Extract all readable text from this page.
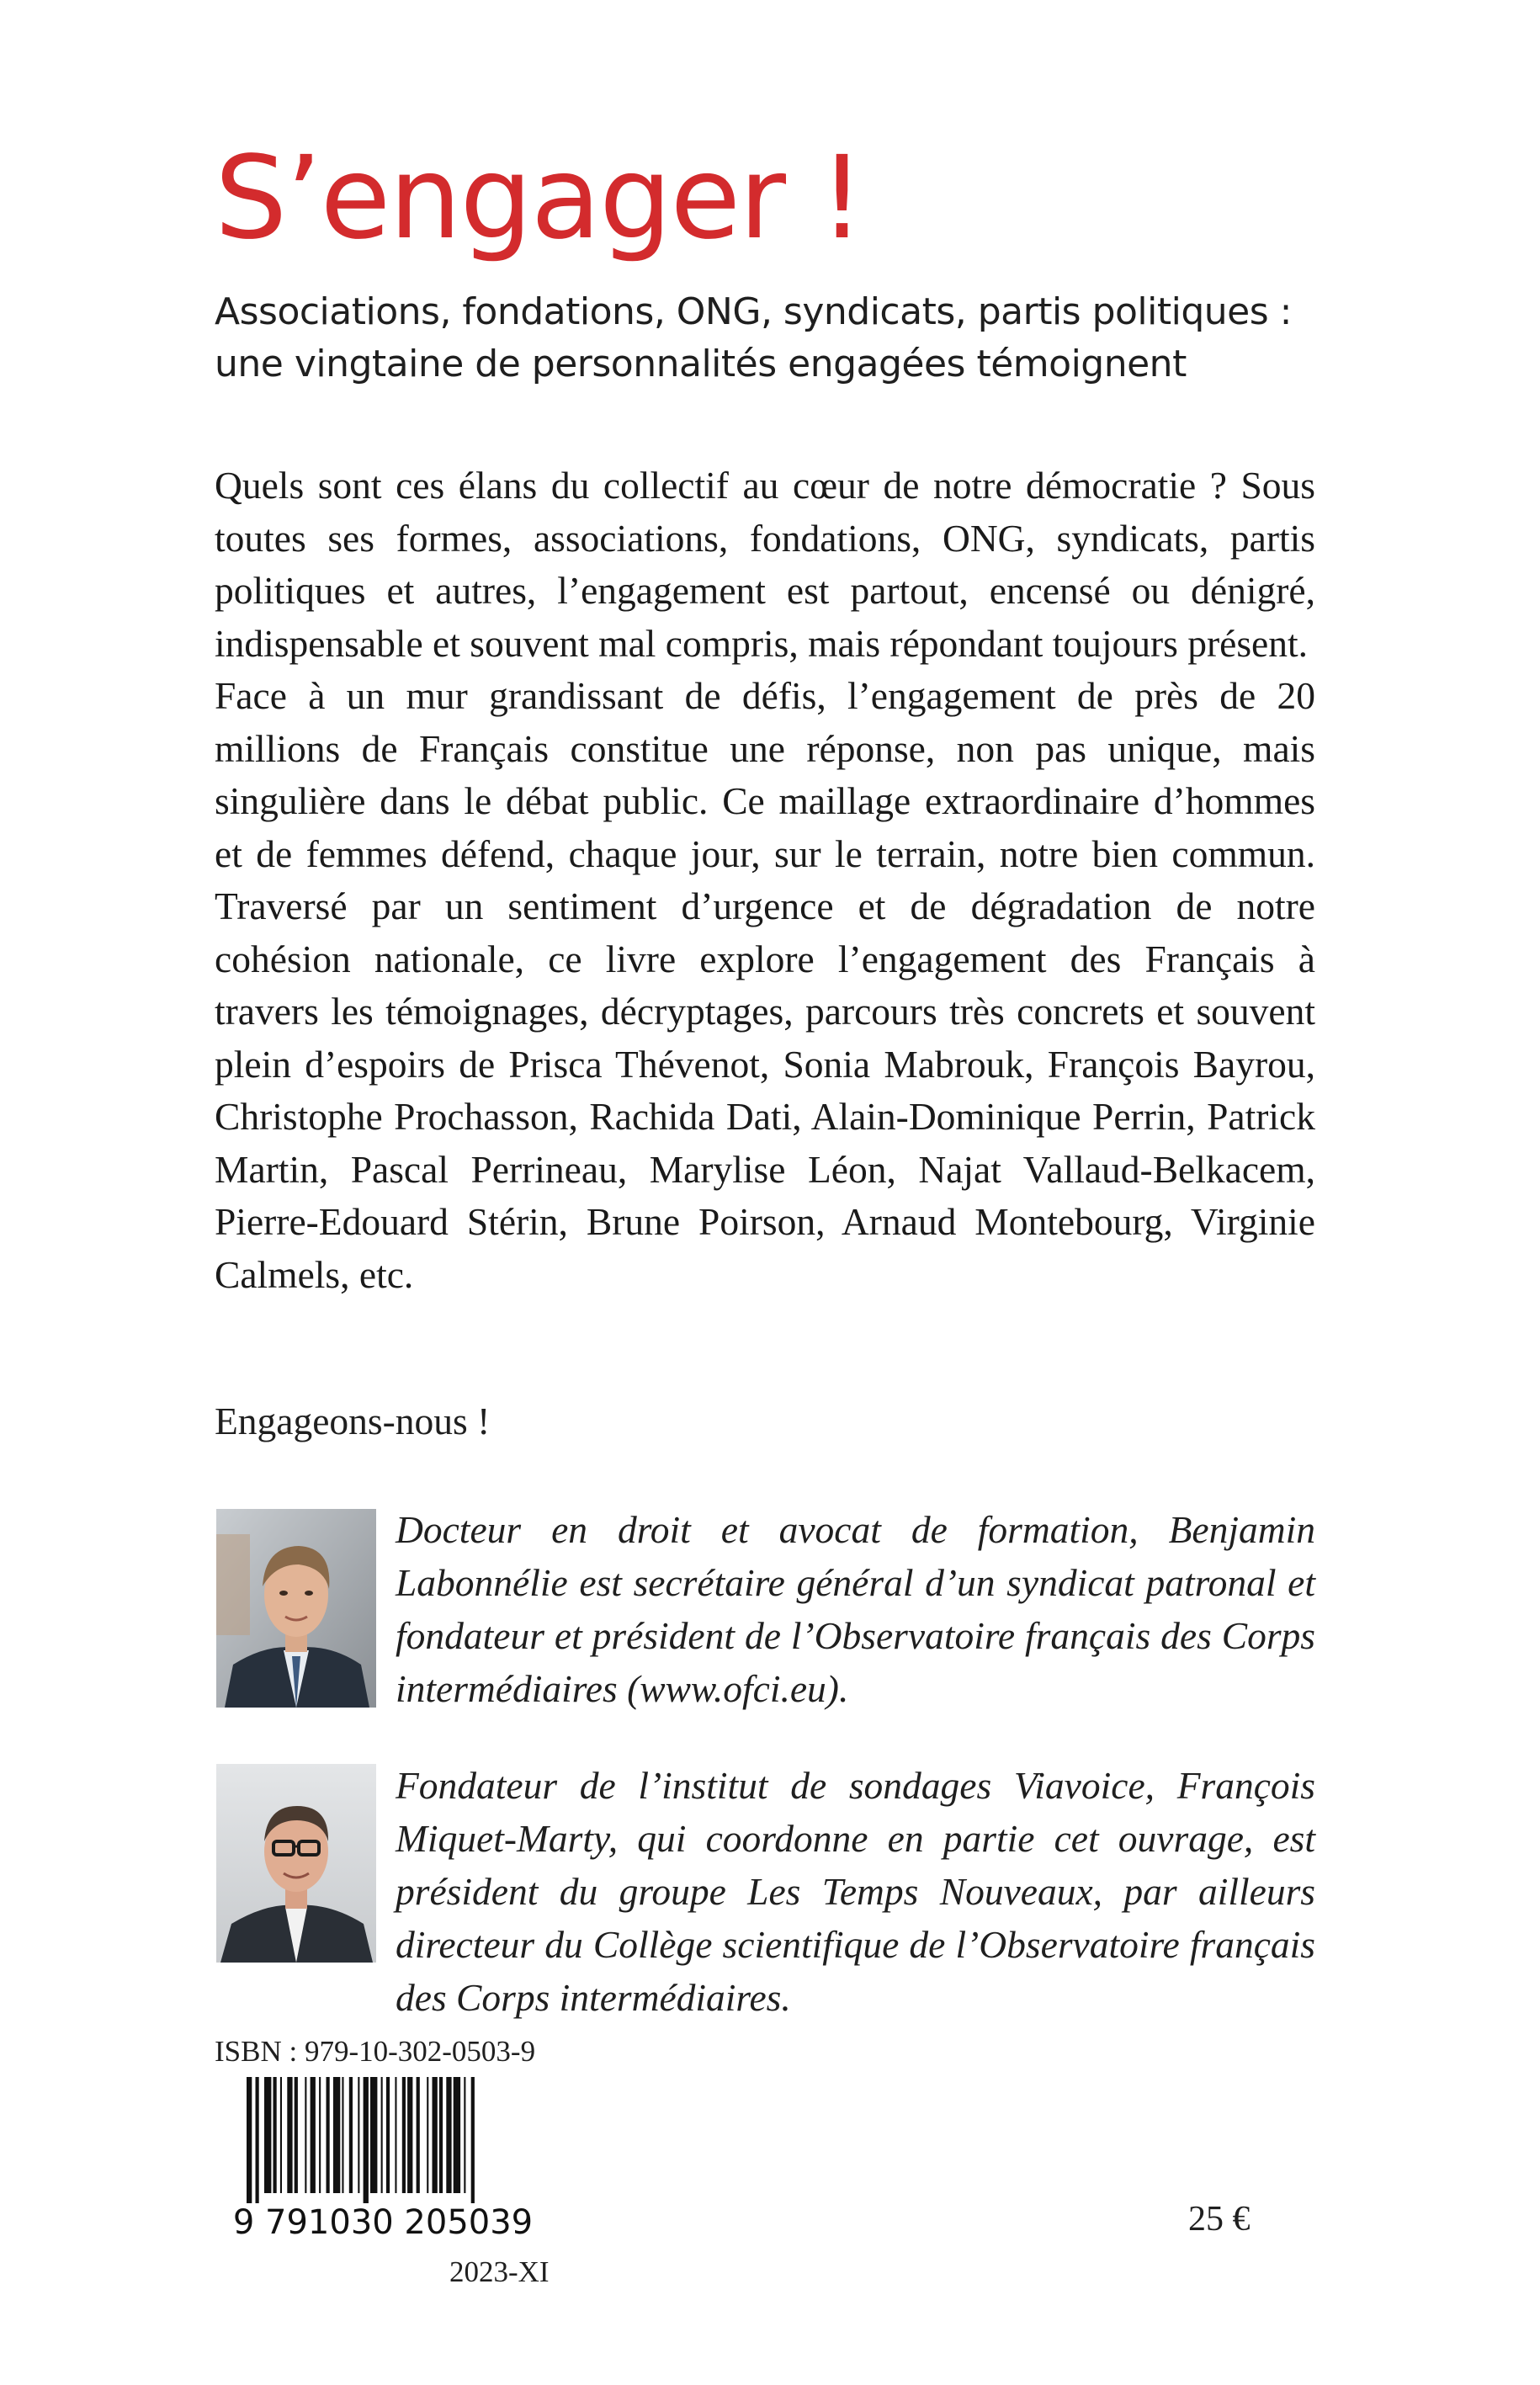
S’engager !
Associations, fondations, ONG, syndicats, partis politiques :
une vingtaine de personnalités engagées témoignent

Quels sont ces élans du collectif au cœur de notre démocratie ? Sous toutes ses formes, associations, fondations, ONG, syndicats, partis politiques et autres, l’engagement est partout, encensé ou dénigré, indispensable et souvent mal compris, mais répondant toujours présent.

Face à un mur grandissant de défis, l’engagement de près de 20 millions de Français constitue une réponse, non pas unique, mais singulière dans le débat public. Ce maillage extraordinaire d’hommes et de femmes défend, chaque jour, sur le terrain, notre bien commun. Traversé par un sentiment d’urgence et de dégradation de notre cohésion nationale, ce livre explore l’engagement des Français à travers les témoignages, décryptages, parcours très concrets et souvent plein d’espoirs de Prisca Thévenot, Sonia Mabrouk, François Bayrou, Christophe Prochasson, Rachida Dati, Alain-Dominique Perrin, Patrick Martin, Pascal Perrineau, Marylise Léon, Najat Vallaud-Belkacem, Pierre-Edouard Stérin, Brune Poirson, Arnaud Montebourg, Virginie Calmels, etc.

Engageons-nous !
Docteur en droit et avocat de formation, Benjamin Labonnélie est secrétaire général d’un syndicat patronal et fondateur et président de l’Observatoire français des Corps intermédiaires (www.ofci.eu).
Fondateur de l’institut de sondages Viavoice, François Miquet-Marty, qui coordonne en partie cet ouvrage, est président du groupe Les Temps Nouveaux, par ailleurs directeur du Collège scientifique de l’Observatoire français des Corps intermédiaires.
ISBN : 979-10-302-0503-9
9 791030 205039	25 €
2023-XI
